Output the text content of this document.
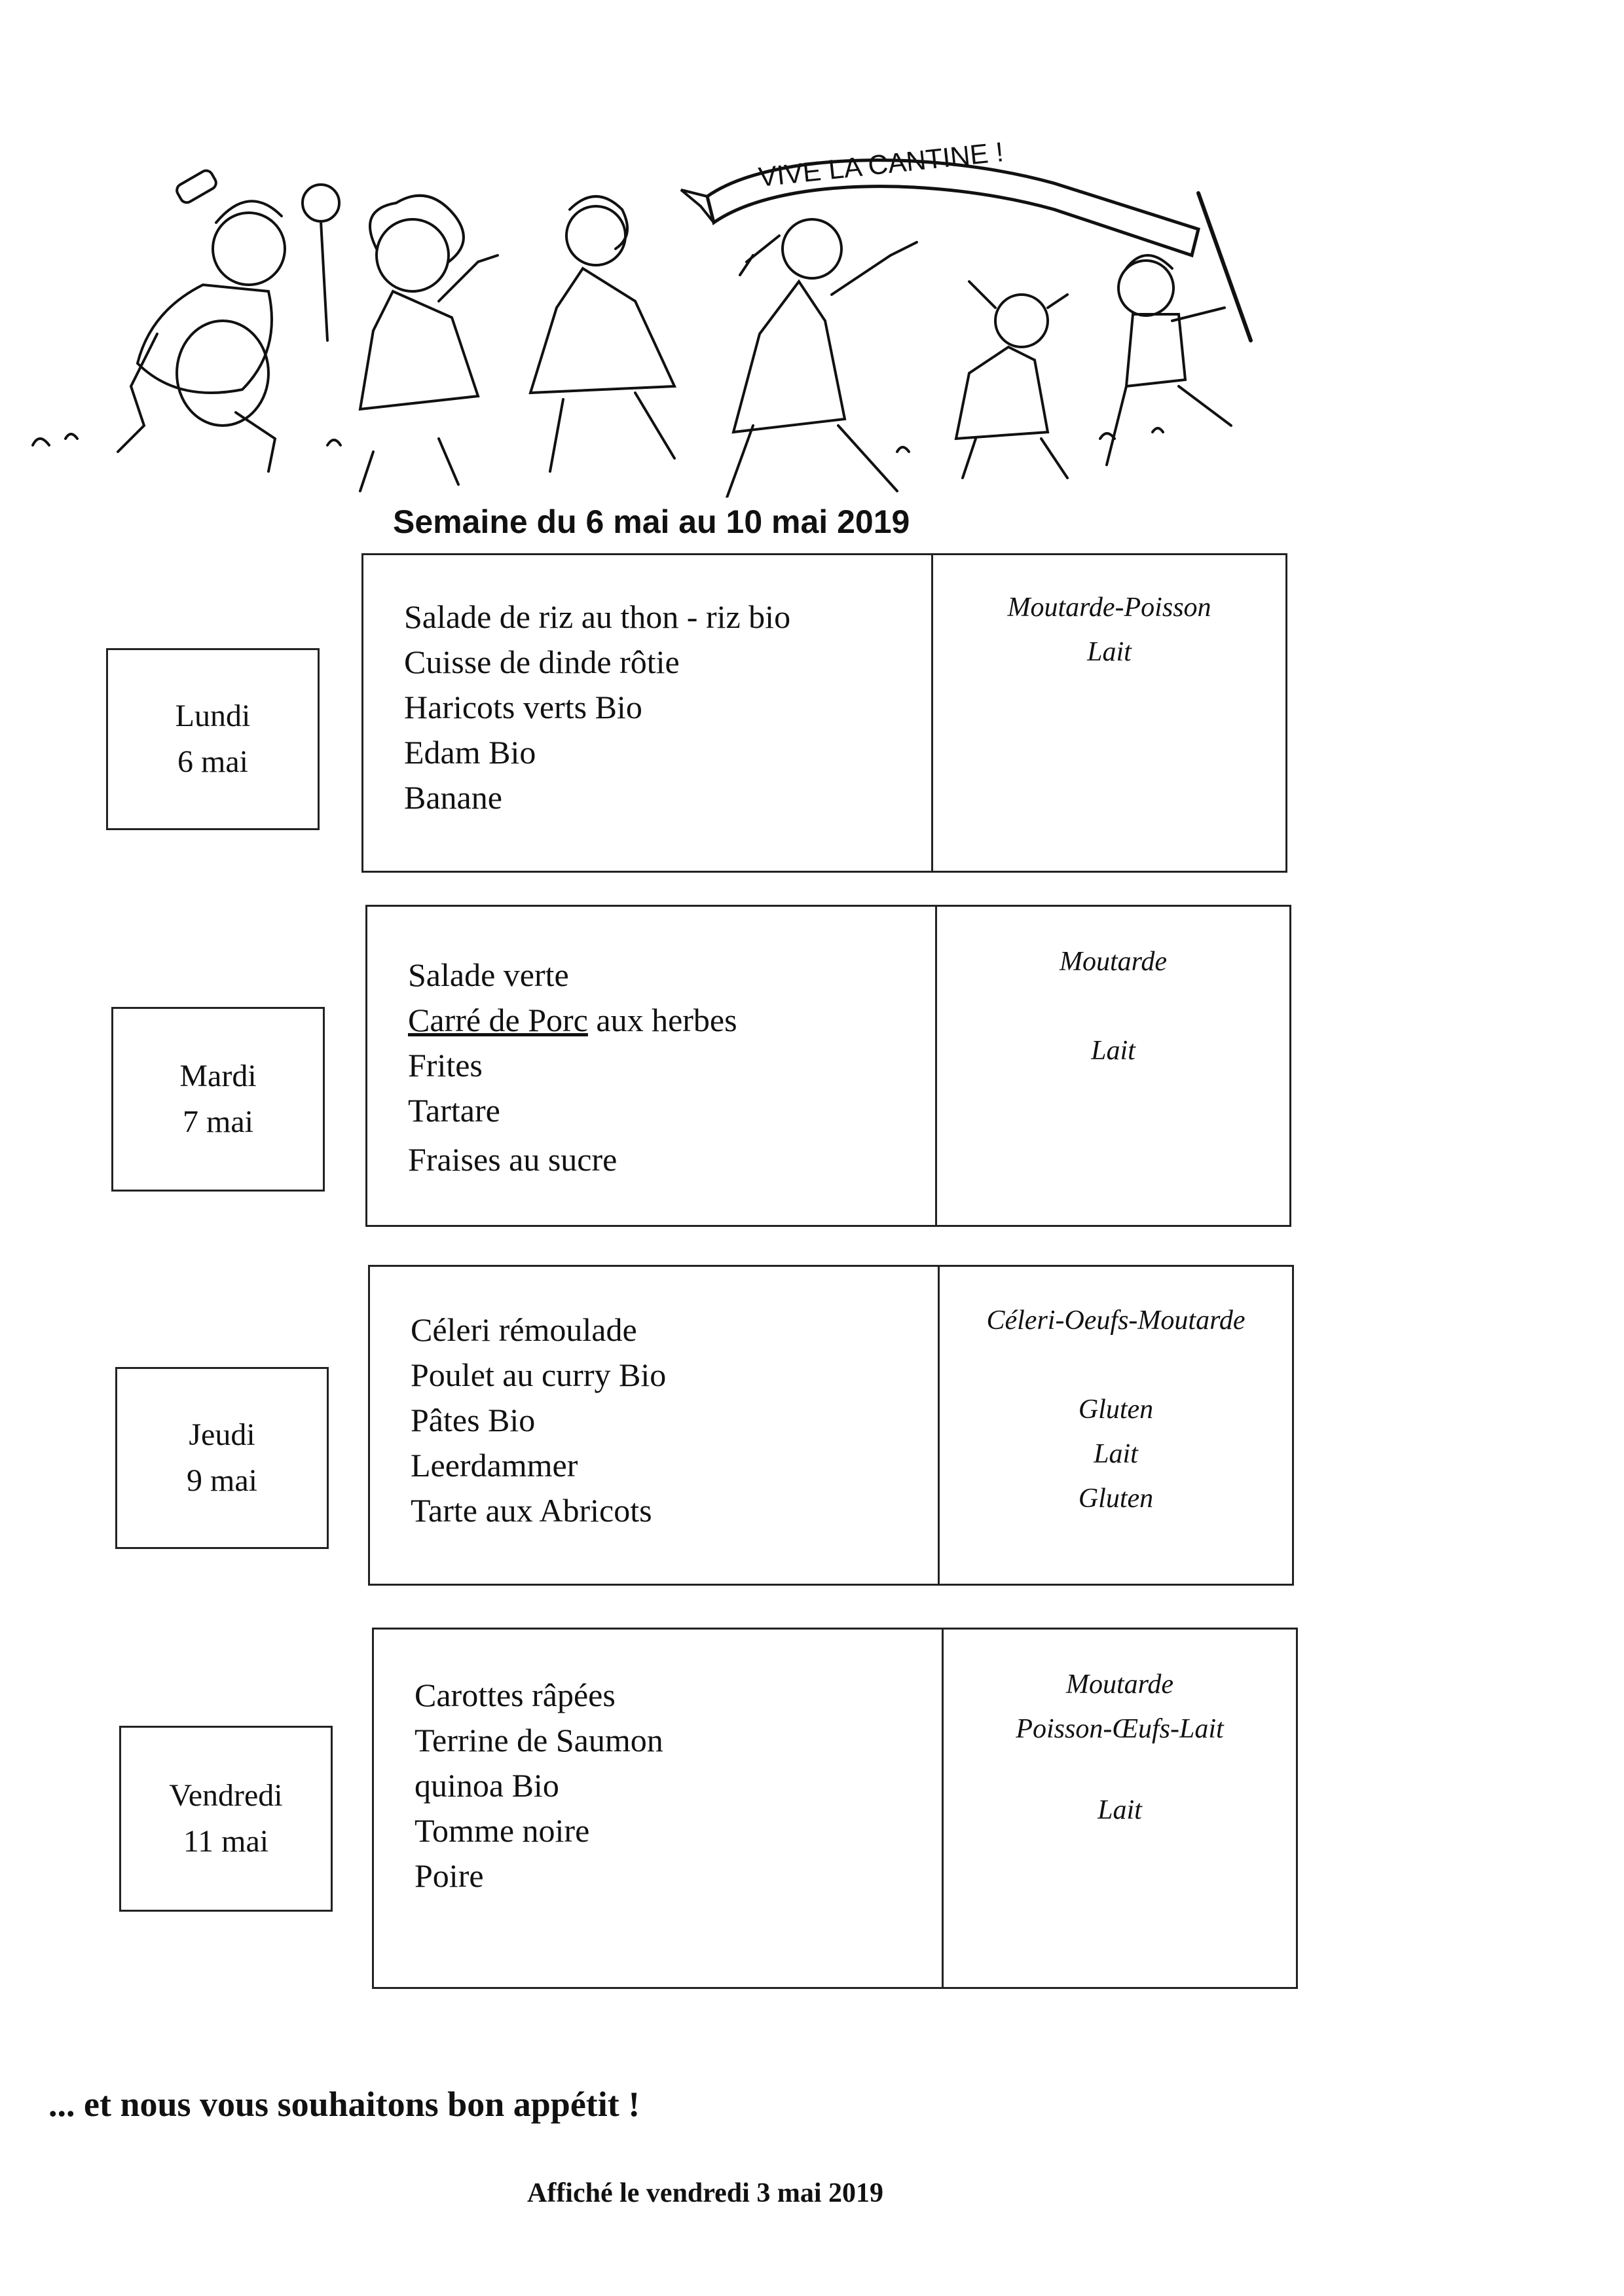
VIVE LA CANTINE !
Semaine du 6 mai au 10 mai 2019
Lundi
6 mai
Salade de riz au thon - riz bio
Cuisse de dinde rôtie
Haricots verts Bio
Edam Bio
Banane
Moutarde-Poisson
Lait
Mardi
7 mai
Salade verte
Carré de Porc aux herbes
Frites
Tartare
Fraises au sucre
Moutarde

Lait
Jeudi
9 mai
Céleri rémoulade
Poulet au curry Bio
Pâtes Bio
Leerdammer
Tarte aux Abricots
Céleri-Oeufs-Moutarde

Gluten
Lait
Gluten
Vendredi
11 mai
Carottes râpées
Terrine de Saumon
quinoa Bio
Tomme noire
Poire
Moutarde
Poisson-Œufs-Lait

Lait
... et nous vous souhaitons bon appétit !
Affiché le vendredi 3 mai 2019
